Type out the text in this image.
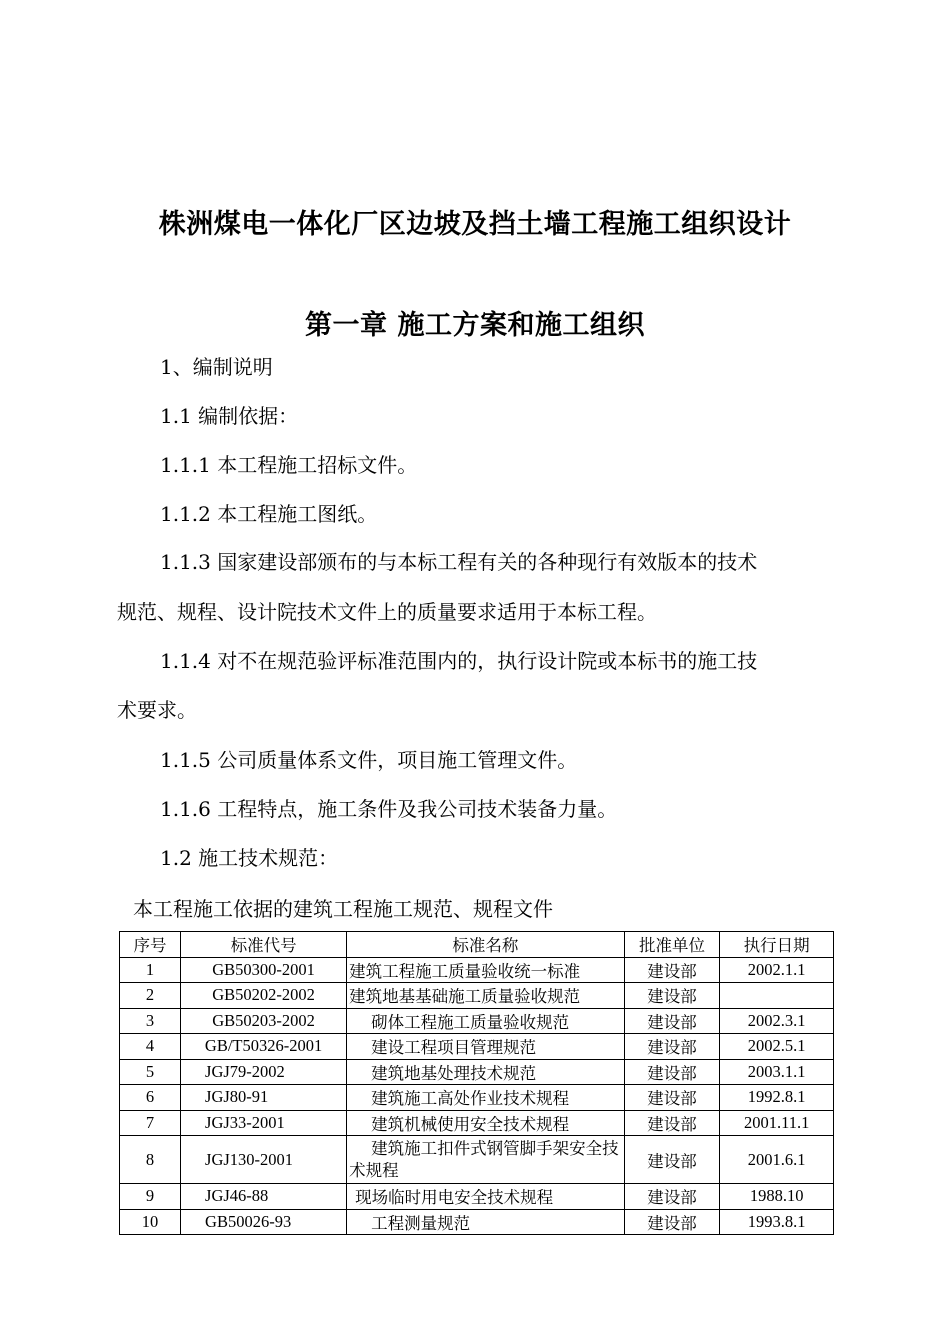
株洲煤电一体化厂区边坡及挡土墙工程施工组织设计
第一章 施工方案和施工组织
1、编制说明
1.1 编制依据：
1.1.1 本工程施工招标文件。
1.1.2 本工程施工图纸。
1.1.3 国家建设部颁布的与本标工程有关的各种现行有效版本的技术
规范、规程、设计院技术文件上的质量要求适用于本标工程。
1.1.4 对不在规范验评标准范围内的，执行设计院或本标书的施工技
术要求。
1.1.5 公司质量体系文件，项目施工管理文件。
1.1.6 工程特点，施工条件及我公司技术装备力量。
1.2 施工技术规范：
本工程施工依据的建筑工程施工规范、规程文件
序号	标准代号	标准名称	批准单位	执行日期
1	GB50300-2001	建筑工程施工质量验收统一标准	建设部	2002.1.1
2	GB50202-2002	建筑地基基础施工质量验收规范	建设部	
3	GB50203-2002	砌体工程施工质量验收规范	建设部	2002.3.1
4	GB/T50326-2001	建设工程项目管理规范	建设部	2002.5.1
5	JGJ79-2002	建筑地基处理技术规范	建设部	2003.1.1
6	JGJ80-91	建筑施工高处作业技术规程	建设部	1992.8.1
7	JGJ33-2001	建筑机械使用安全技术规程	建设部	2001.11.1
8	JGJ130-2001	建筑施工扣件式钢管脚手架安全技术规程	建设部	2001.6.1
9	JGJ46-88	现场临时用电安全技术规程	建设部	1988.10
10	GB50026-93	工程测量规范	建设部	1993.8.1
